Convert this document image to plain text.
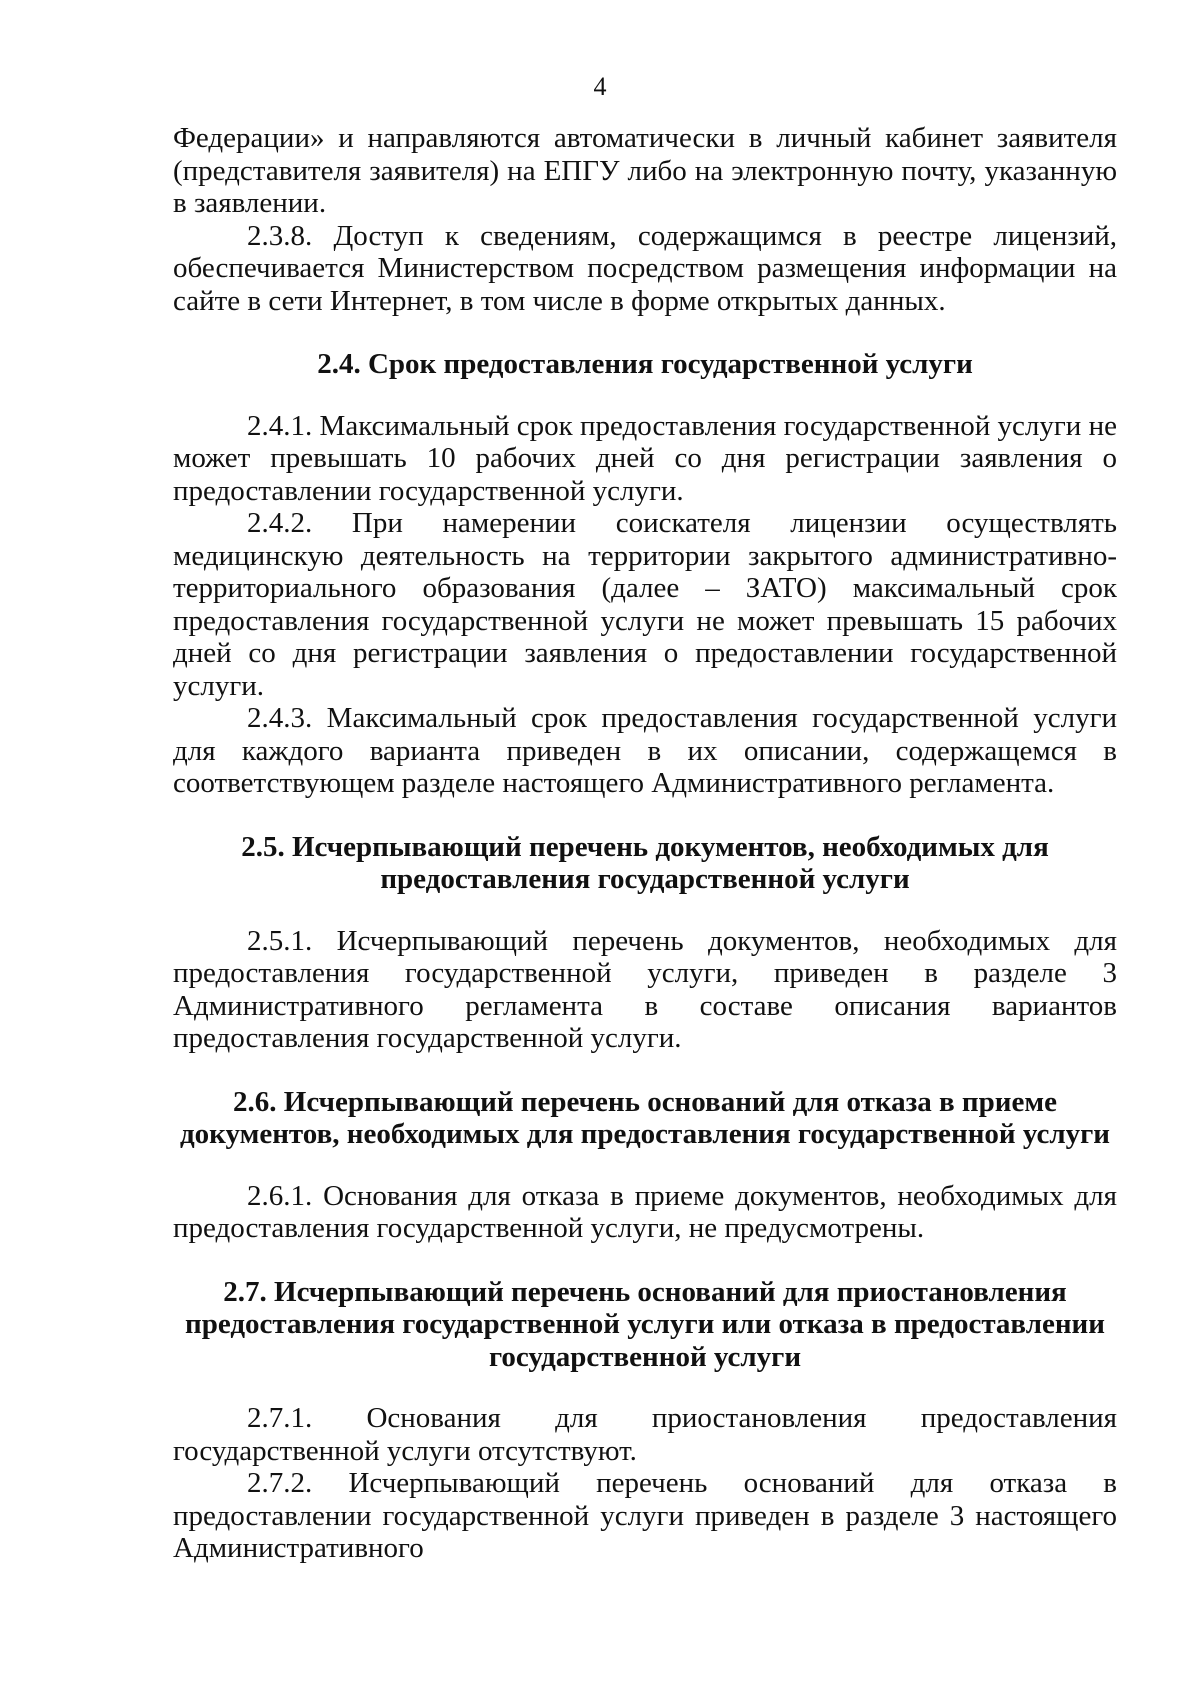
4

Федерации» и направляются автоматически в личный кабинет заявителя (представителя заявителя) на ЕПГУ либо на электронную почту, указанную в заявлении.

2.3.8. Доступ к сведениям, содержащимся в реестре лицензий, обеспечивается Министерством посредством размещения информации на сайте в сети Интернет, в том числе в форме открытых данных.

2.4. Срок предоставления государственной услуги

2.4.1. Максимальный срок предоставления государственной услуги не может превышать 10 рабочих дней со дня регистрации заявления о предоставлении государственной услуги.

2.4.2. При намерении соискателя лицензии осуществлять медицинскую деятельность на территории закрытого административно-территориального образования (далее – ЗАТО) максимальный срок предоставления государственной услуги не может превышать 15 рабочих дней со дня регистрации заявления о предоставлении государственной услуги.

2.4.3. Максимальный срок предоставления государственной услуги для каждого варианта приведен в их описании, содержащемся в соответствующем разделе настоящего Административного регламента.

2.5. Исчерпывающий перечень документов, необходимых для
предоставления государственной услуги

2.5.1. Исчерпывающий перечень документов, необходимых для предоставления государственной услуги, приведен в разделе 3 Административного регламента в составе описания вариантов предоставления государственной услуги.

2.6. Исчерпывающий перечень оснований для отказа в приеме
документов, необходимых для предоставления государственной услуги

2.6.1. Основания для отказа в приеме документов, необходимых для предоставления государственной услуги, не предусмотрены.

2.7. Исчерпывающий перечень оснований для приостановления
предоставления государственной услуги или отказа в предоставлении
государственной услуги

2.7.1. Основания для приостановления предоставления государственной услуги отсутствуют.

2.7.2. Исчерпывающий перечень оснований для отказа в предоставлении государственной услуги приведен в разделе 3 настоящего Административного
